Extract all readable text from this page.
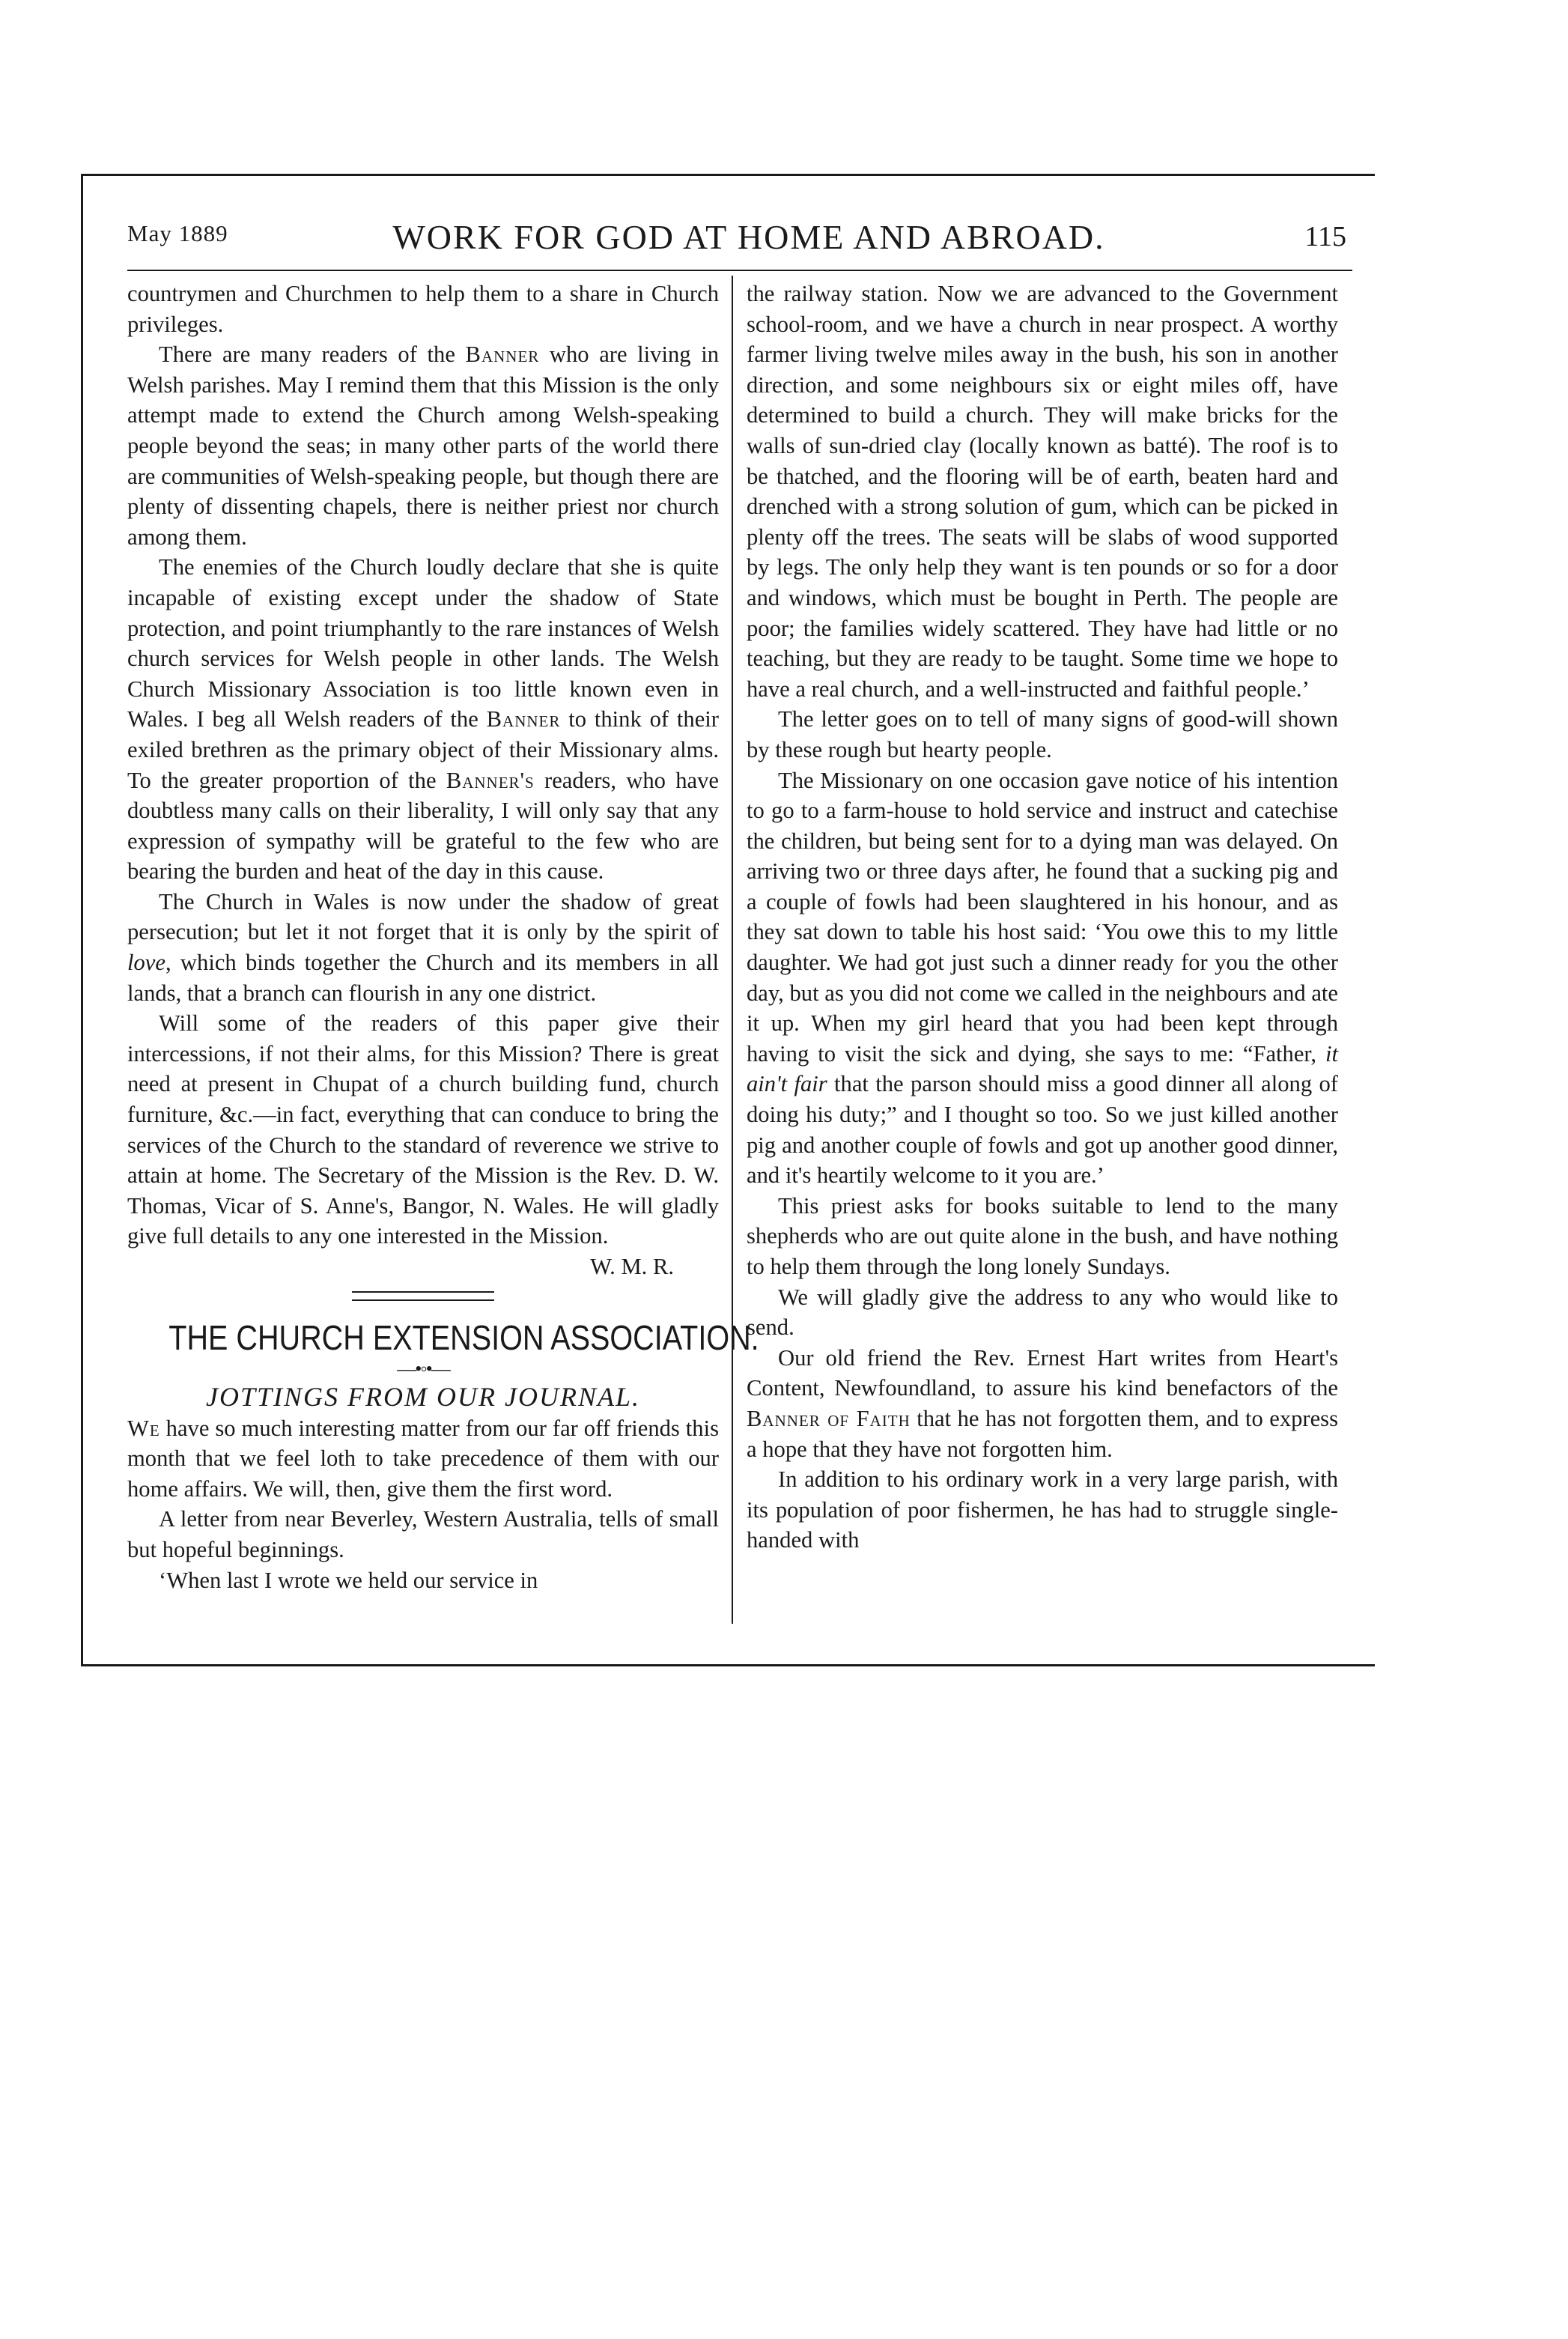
May 1889	WORK FOR GOD AT HOME AND ABROAD.	115

countrymen and Churchmen to help them to a share in Church privileges.

There are many readers of the Banner who are living in Welsh parishes. May I remind them that this Mission is the only attempt made to extend the Church among Welsh-speaking people beyond the seas; in many other parts of the world there are communities of Welsh-speaking people, but though there are plenty of dissenting chapels, there is neither priest nor church among them.

The enemies of the Church loudly declare that she is quite incapable of existing except under the shadow of State protection, and point triumphantly to the rare instances of Welsh church services for Welsh people in other lands. The Welsh Church Missionary Association is too little known even in Wales. I beg all Welsh readers of the Banner to think of their exiled brethren as the primary object of their Missionary alms. To the greater proportion of the Banner's readers, who have doubtless many calls on their liberality, I will only say that any expression of sympathy will be grateful to the few who are bearing the burden and heat of the day in this cause.

The Church in Wales is now under the shadow of great persecution; but let it not forget that it is only by the spirit of love, which binds together the Church and its members in all lands, that a branch can flourish in any one district.

Will some of the readers of this paper give their intercessions, if not their alms, for this Mission? There is great need at present in Chupat of a church building fund, church furniture, &c.—in fact, everything that can conduce to bring the services of the Church to the standard of reverence we strive to attain at home. The Secretary of the Mission is the Rev. D. W. Thomas, Vicar of S. Anne's, Bangor, N. Wales. He will gladly give full details to any one interested in the Mission.

W. M. R.

THE CHURCH EXTENSION ASSOCIATION.

—•◦•—

JOTTINGS FROM OUR JOURNAL.

We have so much interesting matter from our far off friends this month that we feel loth to take precedence of them with our home affairs. We will, then, give them the first word.

A letter from near Beverley, Western Australia, tells of small but hopeful beginnings.

‘When last I wrote we held our service in

the railway station. Now we are advanced to the Government school-room, and we have a church in near prospect. A worthy farmer living twelve miles away in the bush, his son in another direction, and some neighbours six or eight miles off, have determined to build a church. They will make bricks for the walls of sun-dried clay (locally known as batté). The roof is to be thatched, and the flooring will be of earth, beaten hard and drenched with a strong solution of gum, which can be picked in plenty off the trees. The seats will be slabs of wood supported by legs. The only help they want is ten pounds or so for a door and windows, which must be bought in Perth. The people are poor; the families widely scattered. They have had little or no teaching, but they are ready to be taught. Some time we hope to have a real church, and a well-instructed and faithful people.’

The letter goes on to tell of many signs of good-will shown by these rough but hearty people.

The Missionary on one occasion gave notice of his intention to go to a farm-house to hold service and instruct and catechise the children, but being sent for to a dying man was delayed. On arriving two or three days after, he found that a sucking pig and a couple of fowls had been slaughtered in his honour, and as they sat down to table his host said: ‘You owe this to my little daughter. We had got just such a dinner ready for you the other day, but as you did not come we called in the neighbours and ate it up. When my girl heard that you had been kept through having to visit the sick and dying, she says to me: “Father, it ain't fair that the parson should miss a good dinner all along of doing his duty;” and I thought so too. So we just killed another pig and another couple of fowls and got up another good dinner, and it's heartily welcome to it you are.’

This priest asks for books suitable to lend to the many shepherds who are out quite alone in the bush, and have nothing to help them through the long lonely Sundays.

We will gladly give the address to any who would like to send.

Our old friend the Rev. Ernest Hart writes from Heart's Content, Newfoundland, to assure his kind benefactors of the Banner of Faith that he has not forgotten them, and to express a hope that they have not forgotten him.

In addition to his ordinary work in a very large parish, with its population of poor fishermen, he has had to struggle single-handed with
